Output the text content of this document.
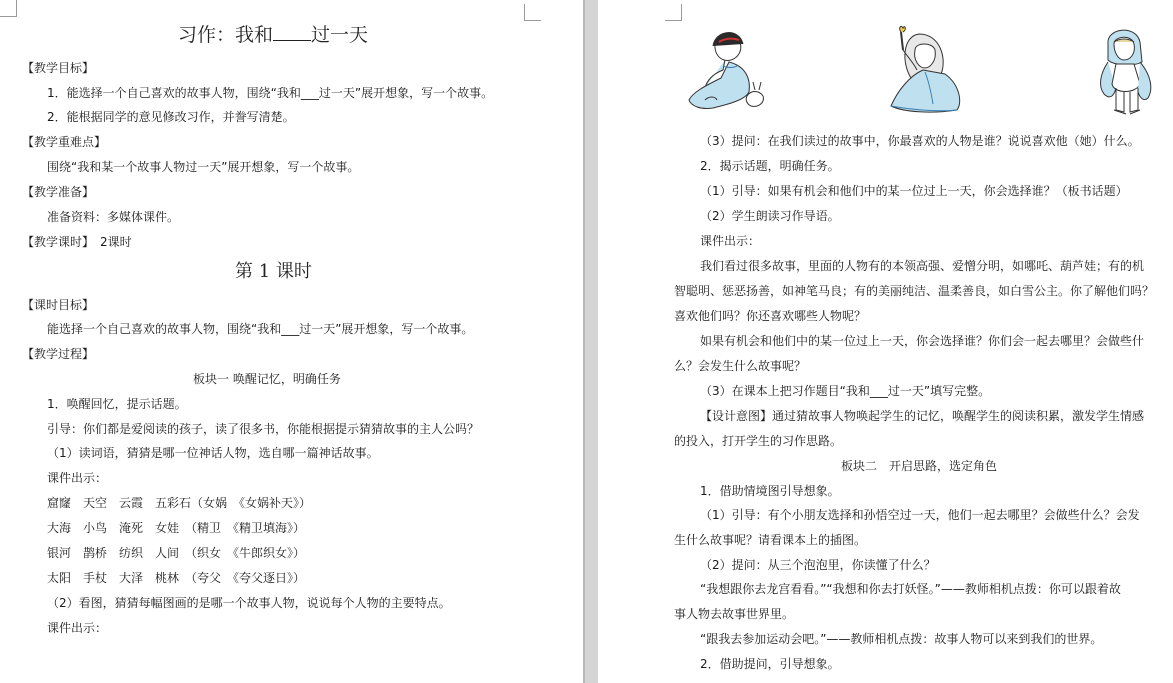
习作：我和 过一天
【教学目标】
1．能选择一个自己喜欢的故事人物，围绕“我和___过一天”展开想象，写一个故事。
2．能根据同学的意见修改习作，并誊写清楚。
【教学重难点】
围绕“我和某一个故事人物过一天”展开想象，写一个故事。
【教学准备】
准备资料：多媒体课件。
【教学课时】　2课时
第 1 课时
【课时目标】
能选择一个自己喜欢的故事人物，围绕“我和___过一天”展开想象，写一个故事。
【教学过程】
板块一 唤醒记忆，明确任务
1．唤醒回忆，提示话题。
引导：你们都是爱阅读的孩子，读了很多书，你能根据提示猜猜故事的主人公吗？
（1）读词语，猜猜是哪一位神话人物，选自哪一篇神话故事。
课件出示：
窟窿　天空　云霞　五彩石（女娲　《女娲补天》）
大海　小鸟　淹死　女娃　（精卫　《精卫填海》）
银河　鹊桥　纺织　人间　（织女　《牛郎织女》）
太阳　手杖　大泽　桃林　（夸父　《夸父逐日》）
（2）看图，猜猜每幅图画的是哪一个故事人物，说说每个人物的主要特点。
课件出示：
（3）提问：在我们读过的故事中，你最喜欢的人物是谁？说说喜欢他（她）什么。
2．揭示话题，明确任务。
（1）引导：如果有机会和他们中的某一位过上一天，你会选择谁？（板书话题）
（2）学生朗读习作导语。
课件出示：
我们看过很多故事，里面的人物有的本领高强、爱憎分明，如哪吒、葫芦娃；有的机
智聪明、惩恶扬善，如神笔马良；有的美丽纯洁、温柔善良，如白雪公主。你了解他们吗？
喜欢他们吗？你还喜欢哪些人物呢？
如果有机会和他们中的某一位过上一天，你会选择谁？你们会一起去哪里？会做些什
么？会发生什么故事呢？
（3）在课本上把习作题目“我和___过一天”填写完整。
【设计意图】通过猜故事人物唤起学生的记忆，唤醒学生的阅读积累，激发学生情感
的投入，打开学生的习作思路。
板块二　开启思路，选定角色
1．借助情境图引导想象。
（1）引导：有个小朋友选择和孙悟空过一天，他们一起去哪里？会做些什么？会发
生什么故事呢？请看课本上的插图。
（2）提问：从三个泡泡里，你读懂了什么？
“我想跟你去龙宫看看。”“我想和你去打妖怪。”——教师相机点拨：你可以跟着故
事人物去故事世界里。
“跟我去参加运动会吧。”——教师相机点拨：故事人物可以来到我们的世界。
2．借助提问，引导想象。
